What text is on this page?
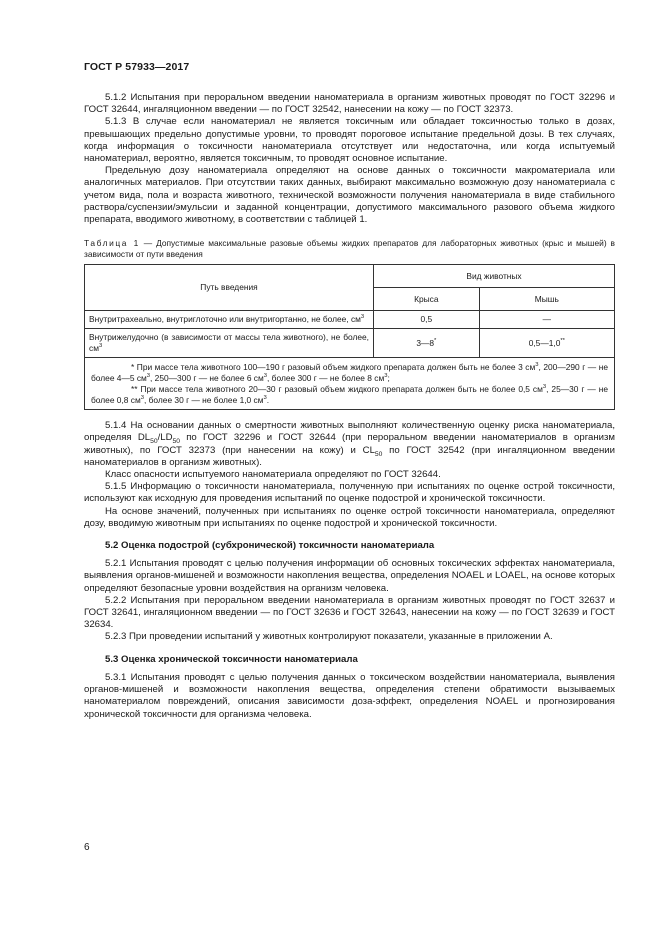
ГОСТ Р 57933—2017

5.1.2 Испытания при пероральном введении наноматериала в организм животных проводят по ГОСТ 32296 и ГОСТ 32644, ингаляционном введении — по ГОСТ 32542, нанесении на кожу — по ГОСТ 32373.

5.1.3 В случае если наноматериал не является токсичным или обладает токсичностью только в дозах, превышающих предельно допустимые уровни, то проводят пороговое испытание предельной дозы. В тех случаях, когда информация о токсичности наноматериала отсутствует или недостаточна, или когда испытуемый наноматериал, вероятно, является токсичным, то проводят основное испытание.

Предельную дозу наноматериала определяют на основе данных о токсичности макроматериала или аналогичных материалов. При отсутствии таких данных, выбирают максимально возможную дозу наноматериала с учетом вида, пола и возраста животного, технической возможности получения наноматериала в виде стабильного раствора/суспензии/эмульсии и заданной концентрации, допустимого максимального разового объема жидкого препарата, вводимого животному, в соответствии с таблицей 1.

Таблица 1 — Допустимые максимальные разовые объемы жидких препаратов для лабораторных животных (крыс и мышей) в зависимости от пути введения

Путь введения	Вид животных	
	Крыса	Мышь
Внутритрахеально, внутриглоточно или внутригортанно, не более, $см^3$	0,5	—
Внутрижелудочно (в зависимости от массы тела животного), не более, $см^3$	3—8*	0,5—1,0**

* При массе тела животного 100—190 г разовый объем жидкого препарата должен быть не более 3 $см^3$, 200—290 г — не более 4—5 $см^3$, 250—300 г — не более 6 $см^3$, более 300 г — не более 8 $см^3$;

** При массе тела животного 20—30 г разовый объем жидкого препарата должен быть не более 0,5 $см^3$, 25—30 г — не более 0,8 $см^3$, более 30 г — не более 1,0 $см^3$.		

5.1.4 На основании данных о смертности животных выполняют количественную оценку риска наноматериала, определяя $DL_{50}/LD_{50}$ по ГОСТ 32296 и ГОСТ 32644 (при пероральном введении наноматериалов в организм животных), по ГОСТ 32373 (при нанесении на кожу) и $CL_{50}$ по ГОСТ 32542 (при ингаляционном введении наноматериалов в организм животных).

Класс опасности испытуемого наноматериала определяют по ГОСТ 32644.

5.1.5 Информацию о токсичности наноматериала, полученную при испытаниях по оценке острой токсичности, используют как исходную для проведения испытаний по оценке подострой и хронической токсичности.

На основе значений, полученных при испытаниях по оценке острой токсичности наноматериала, определяют дозу, вводимую животным при испытаниях по оценке подострой и хронической токсичности.

5.2 Оценка подострой (субхронической) токсичности наноматериала

5.2.1 Испытания проводят с целью получения информации об основных токсических эффектах наноматериала, выявления органов-мишеней и возможности накопления вещества, определения NOAEL и LOAEL, на основе которых определяют безопасные уровни воздействия на организм человека.

5.2.2 Испытания при пероральном введении наноматериала в организм животных проводят по ГОСТ 32637 и ГОСТ 32641, ингаляционном введении — по ГОСТ 32636 и ГОСТ 32643, нанесении на кожу — по ГОСТ 32639 и ГОСТ 32634.

5.2.3 При проведении испытаний у животных контролируют показатели, указанные в приложении А.

5.3 Оценка хронической токсичности наноматериала

5.3.1 Испытания проводят с целью получения данных о токсическом воздействии наноматериала, выявления органов-мишеней и возможности накопления вещества, определения степени обратимости вызываемых наноматериалом повреждений, описания зависимости доза-эффект, определения NOAEL и прогнозирования хронической токсичности для организма человека.

6
